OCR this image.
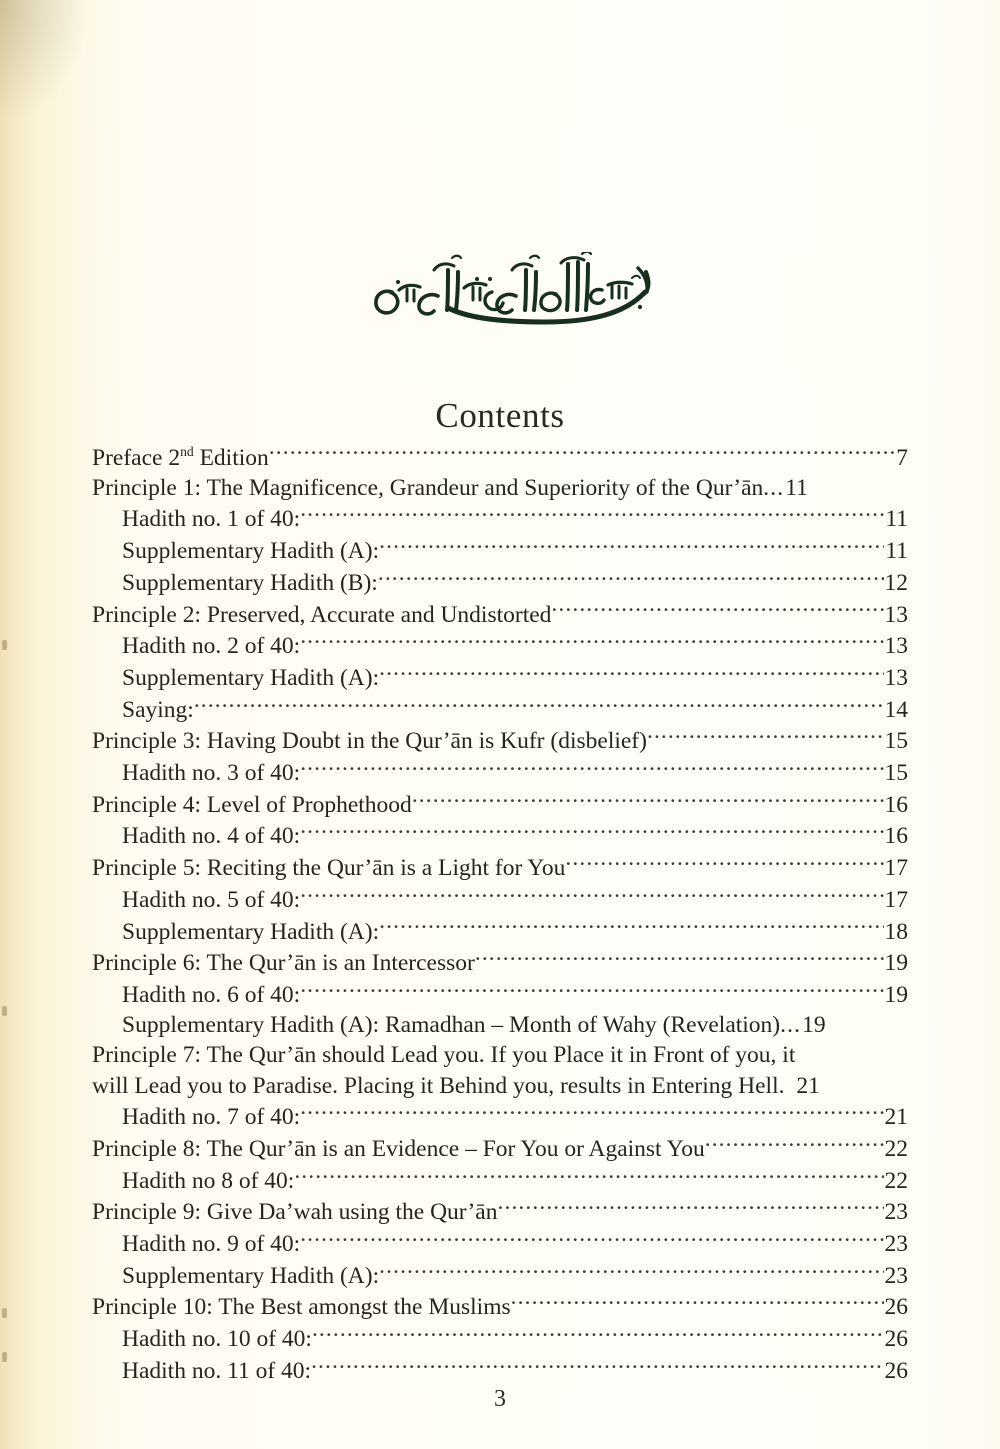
Contents
Preface 2nd Edition .....	7
Principle 1: The Magnificence, Grandeur and Superiority of the Qur’ān ... 11
Hadith no. 1 of 40: .....	11
Supplementary Hadith (A): .....	11
Supplementary Hadith (B): .....	12
Principle 2: Preserved, Accurate and Undistorted .....	13
Hadith no. 2 of 40: .....	13
Supplementary Hadith (A): .....	13
Saying: .....	14
Principle 3: Having Doubt in the Qur’ān is Kufr (disbelief) .....	15
Hadith no. 3 of 40: .....	15
Principle 4: Level of Prophethood .....	16
Hadith no. 4 of 40: .....	16
Principle 5: Reciting the Qur’ān is a Light for You .....	17
Hadith no. 5 of 40: .....	17
Supplementary Hadith (A): .....	18
Principle 6: The Qur’ān is an Intercessor .....	19
Hadith no. 6 of 40: .....	19
Supplementary Hadith (A): Ramadhan – Month of Wahy (Revelation) ... 19
Principle 7: The Qur’ān should Lead you. If you Place it in Front of you, it
will Lead you to Paradise. Placing it Behind you, results in Entering Hell. 21
Hadith no. 7 of 40: .....	21
Principle 8: The Qur’ān is an Evidence – For You or Against You .....	22
Hadith no 8 of 40: .....	22
Principle 9: Give Da’wah using the Qur’ān .....	23
Hadith no. 9 of 40: .....	23
Supplementary Hadith (A): .....	23
Principle 10: The Best amongst the Muslims .....	26
Hadith no. 10 of 40: .....	26
Hadith no. 11 of 40: .....	26
3
